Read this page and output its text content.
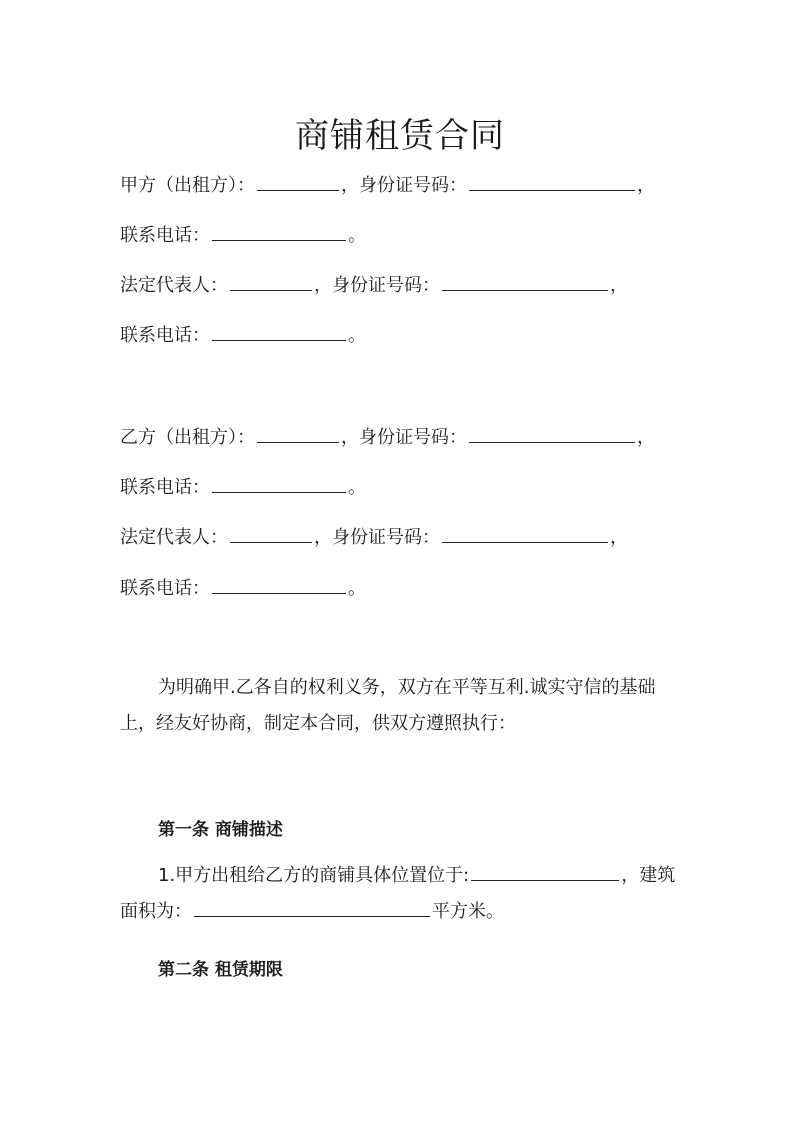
商铺租赁合同
甲方（出租方）：	，身份证号码：	，
联系电话：	。
法定代表人：	，身份证号码：	，
联系电话：	。
乙方（出租方）：	，身份证号码：	，
联系电话：	。
法定代表人：	，身份证号码：	，
联系电话：	。
为明确甲.乙各自的权利义务，双方在平等互利.诚实守信的基础
上，经友好协商，制定本合同，供双方遵照执行：
第一条 商铺描述
1.甲方出租给乙方的商铺具体位置位于:	，建筑
面积为：	平方米。
第二条 租赁期限
